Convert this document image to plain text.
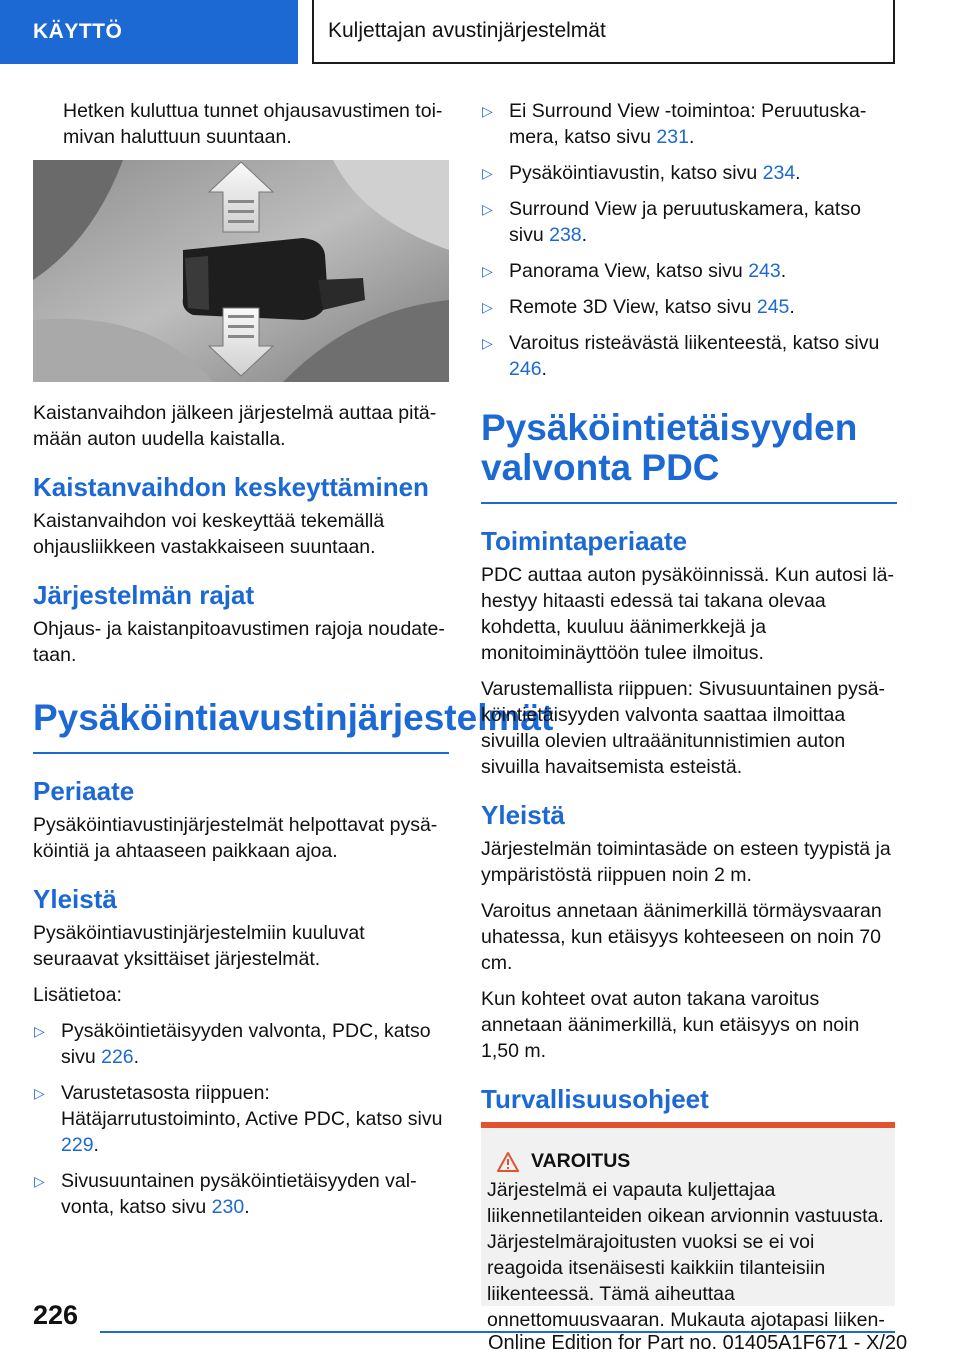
KÄYTTÖ	Kuljettajan avustinjärjestelmät

Hetken kuluttua tunnet ohjausavustimen toimivan haluttuun suuntaan.

Kaistanvaihdon jälkeen järjestelmä auttaa pitämään auton uudella kaistalla.

Kaistanvaihdon keskeyttäminen

Kaistanvaihdon voi keskeyttää tekemällä ohjausliikkeen vastakkaiseen suuntaan.

Järjestelmän rajat

Ohjaus- ja kaistanpitoavustimen rajoja noudatetaan.

Pysäköintiavustinjärjestelmät
Periaate

Pysäköintiavustinjärjestelmät helpottavat pysäköintiä ja ahtaaseen paikkaan ajoa.

Yleistä

Pysäköintiavustinjärjestelmiin kuuluvat seuraavat yksittäiset järjestelmät.

Lisätietoa:

▷ Pysäköintietäisyyden valvonta, PDC, katso sivu 226.
▷ Varustetasosta riippuen: Hätäjarrutustoiminto, Active PDC, katso sivu 229.
▷ Sivusuuntainen pysäköintietäisyyden valvonta, katso sivu 230.
▷ Ei Surround View -toimintoa: Peruutuskamera, katso sivu 231.
▷ Pysäköintiavustin, katso sivu 234.
▷ Surround View ja peruutuskamera, katso sivu 238.
▷ Panorama View, katso sivu 243.
▷ Remote 3D View, katso sivu 245.
▷ Varoitus risteävästä liikenteestä, katso sivu 246.
Pysäköintietäisyyden valvonta PDC
Toimintaperiaate

PDC auttaa auton pysäköinnissä. Kun autosi lähestyy hitaasti edessä tai takana olevaa kohdetta, kuuluu äänimerkkejä ja monitoiminäyttöön tulee ilmoitus.

Varustemallista riippuen: Sivusuuntainen pysäköintietäisyyden valvonta saattaa ilmoittaa sivuilla olevien ultraäänitunnistimien auton sivuilla havaitsemista esteistä.

Yleistä

Järjestelmän toimintasäde on esteen tyypistä ja ympäristöstä riippuen noin 2 m.

Varoitus annetaan äänimerkillä törmäysvaaran uhatessa, kun etäisyys kohteeseen on noin 70 cm.

Kun kohteet ovat auton takana varoitus annetaan äänimerkillä, kun etäisyys on noin 1,50 m.

Turvallisuusohjeet
VAROITUS

Järjestelmä ei vapauta kuljettajaa liikennetilanteiden oikean arvionnin vastuusta. Järjestelmärajoitusten vuoksi se ei voi reagoida itsenäisesti kaikkiin tilanteisiin liikenteessä. Tämä aiheuttaa onnettomuusvaaran. Mukauta ajotapasi liiken-

226
Online Edition for Part no. 01405A1F671 - X/20
